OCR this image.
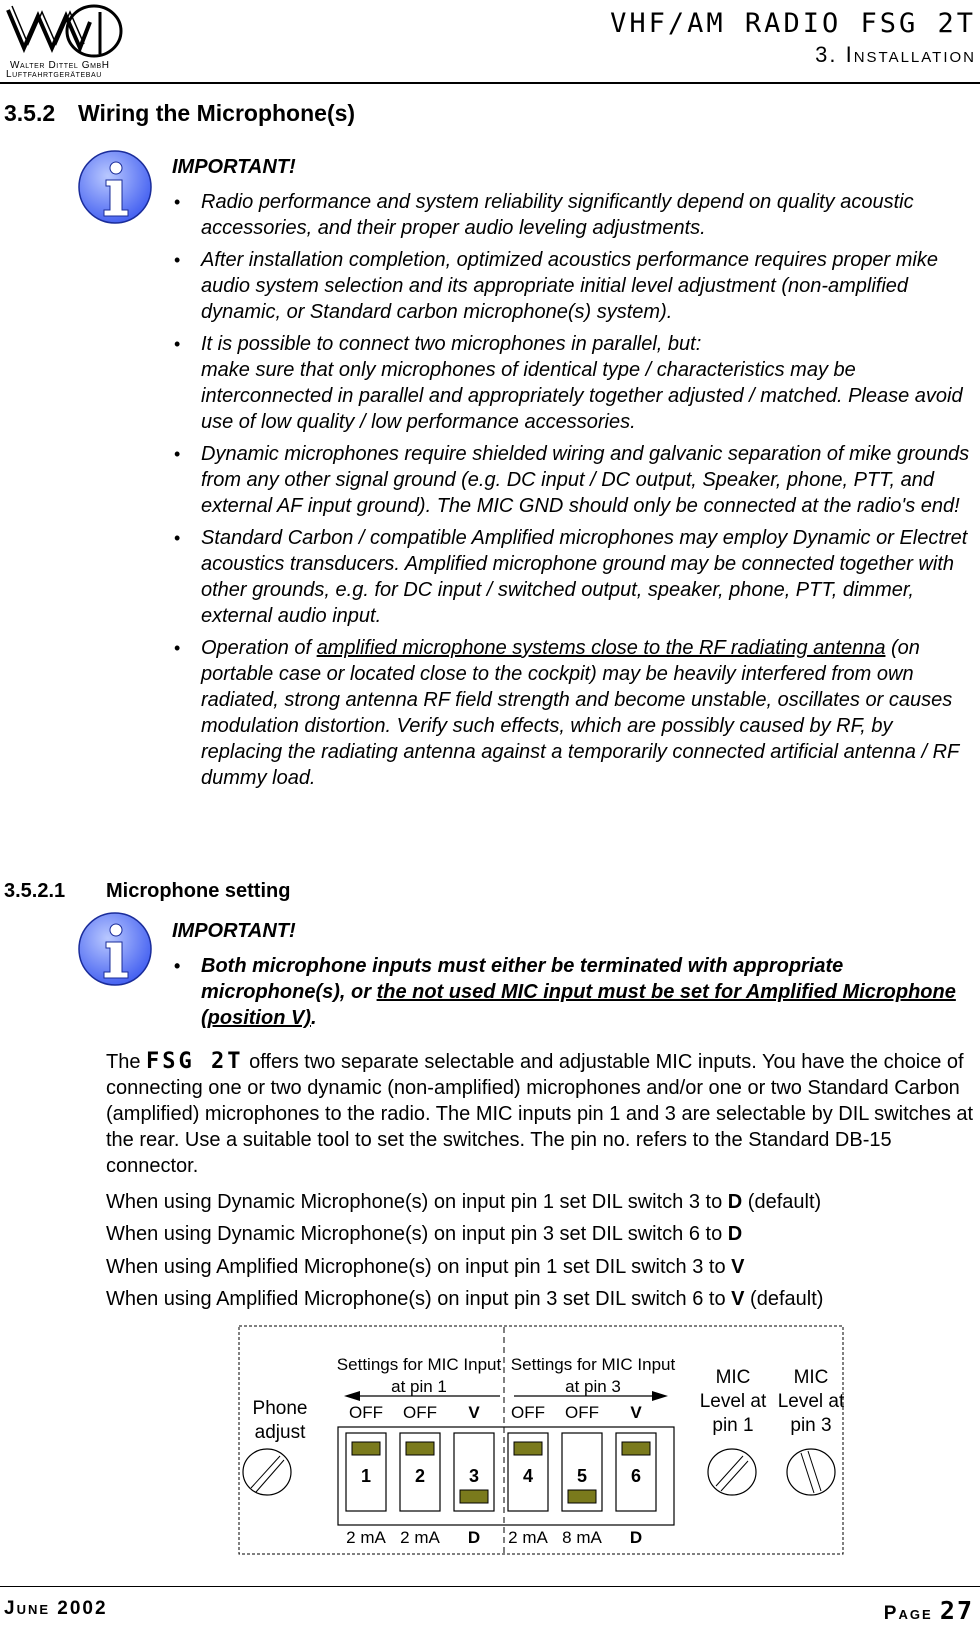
Walter Dittel GmbH
Luftfahrtgerätebau
VHF/AM RADIO FSG 2T
3. Installation
3.5.2 Wiring the Microphone(s)
IMPORTANT!
• Radio performance and system reliability significantly depend on quality acoustic accessories, and their proper audio leveling adjustments.
• After installation completion, optimized acoustics performance requires proper mike audio system selection and its appropriate initial level adjustment (non-amplified dynamic, or Standard carbon microphone(s) system).
• It is possible to connect two microphones in parallel, but:
make sure that only microphones of identical type / characteristics may be interconnected in parallel and appropriately together adjusted / matched. Please avoid use of low quality / low performance accessories.
• Dynamic microphones require shielded wiring and galvanic separation of mike grounds from any other signal ground (e.g. DC input / DC output, Speaker, phone, PTT, and external AF input ground). The MIC GND should only be connected at the radio's end!
• Standard Carbon / compatible Amplified microphones may employ Dynamic or Electret acoustics transducers. Amplified microphone ground may be connected together with other grounds, e.g. for DC input / switched output, speaker, phone, PTT, dimmer, external audio input.
• Operation of amplified microphone systems close to the RF radiating antenna (on portable case or located close to the cockpit) may be heavily interfered from own radiated, strong antenna RF field strength and become unstable, oscillates or causes modulation distortion. Verify such effects, which are possibly caused by RF, by replacing the radiating antenna against a temporarily connected artificial antenna / RF dummy load.
3.5.2.1 Microphone setting
IMPORTANT!
• Both microphone inputs must either be terminated with appropriate microphone(s), or the not used MIC input must be set for Amplified Microphone (position V).
The FSG 2T offers two separate selectable and adjustable MIC inputs. You have the choice of connecting one or two dynamic (non-amplified) microphones and/or one or two Standard Carbon (amplified) microphones to the radio. The MIC inputs pin 1 and 3 are selectable by DIL switches at the rear. Use a suitable tool to set the switches. The pin no. refers to the Standard DB-15 connector.
When using Dynamic Microphone(s) on input pin 1 set DIL switch 3 to D (default)
When using Dynamic Microphone(s) on input pin 3 set DIL switch 6 to D
When using Amplified Microphone(s) on input pin 1 set DIL switch 3 to V
When using Amplified Microphone(s) on input pin 3 set DIL switch 6 to V (default)
Phone
adjust
Settings for MIC Input
at pin 1
Settings for MIC Input
at pin 3
1
OFF
2 mA
2
OFF
2 mA
3
V
D
4
OFF
2 mA
5
OFF
8 mA
6
V
D
MIC
Level at
pin 1
MIC
Level at
pin 3
June 2002	Page 27
